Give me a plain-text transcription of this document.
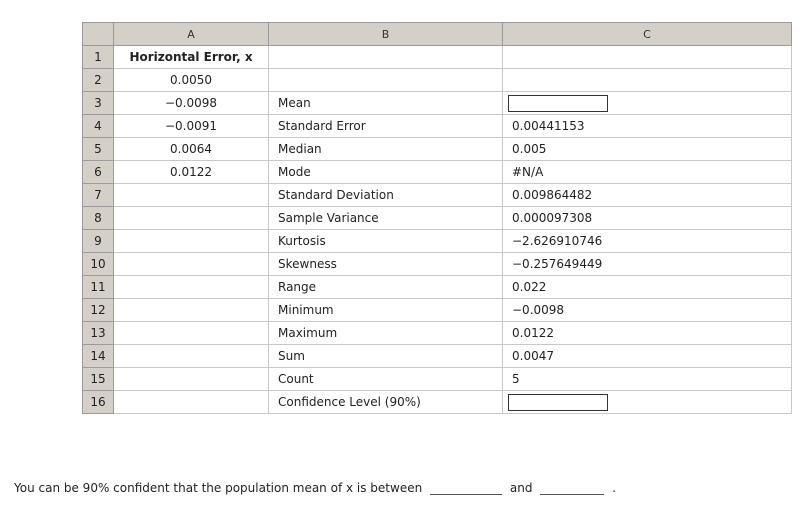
	A	B	C	
1	Horizontal Error, x			
2	0.0050			
3	−0.0098	Mean		
4	−0.0091	Standard Error	0.00441153	
5	0.0064	Median	0.005	
6	0.0122	Mode	#N/A	
7		Standard Deviation	0.009864482	
8		Sample Variance	0.000097308	
9		Kurtosis	−2.626910746	
10		Skewness	−0.257649449	
11		Range	0.022	
12		Minimum	−0.0098	
13		Maximum	0.0122	
14		Sum	0.0047	
15		Count	5	
16		Confidence Level (90%)		
You can be 90% confident that the population mean of x is between	and	.
